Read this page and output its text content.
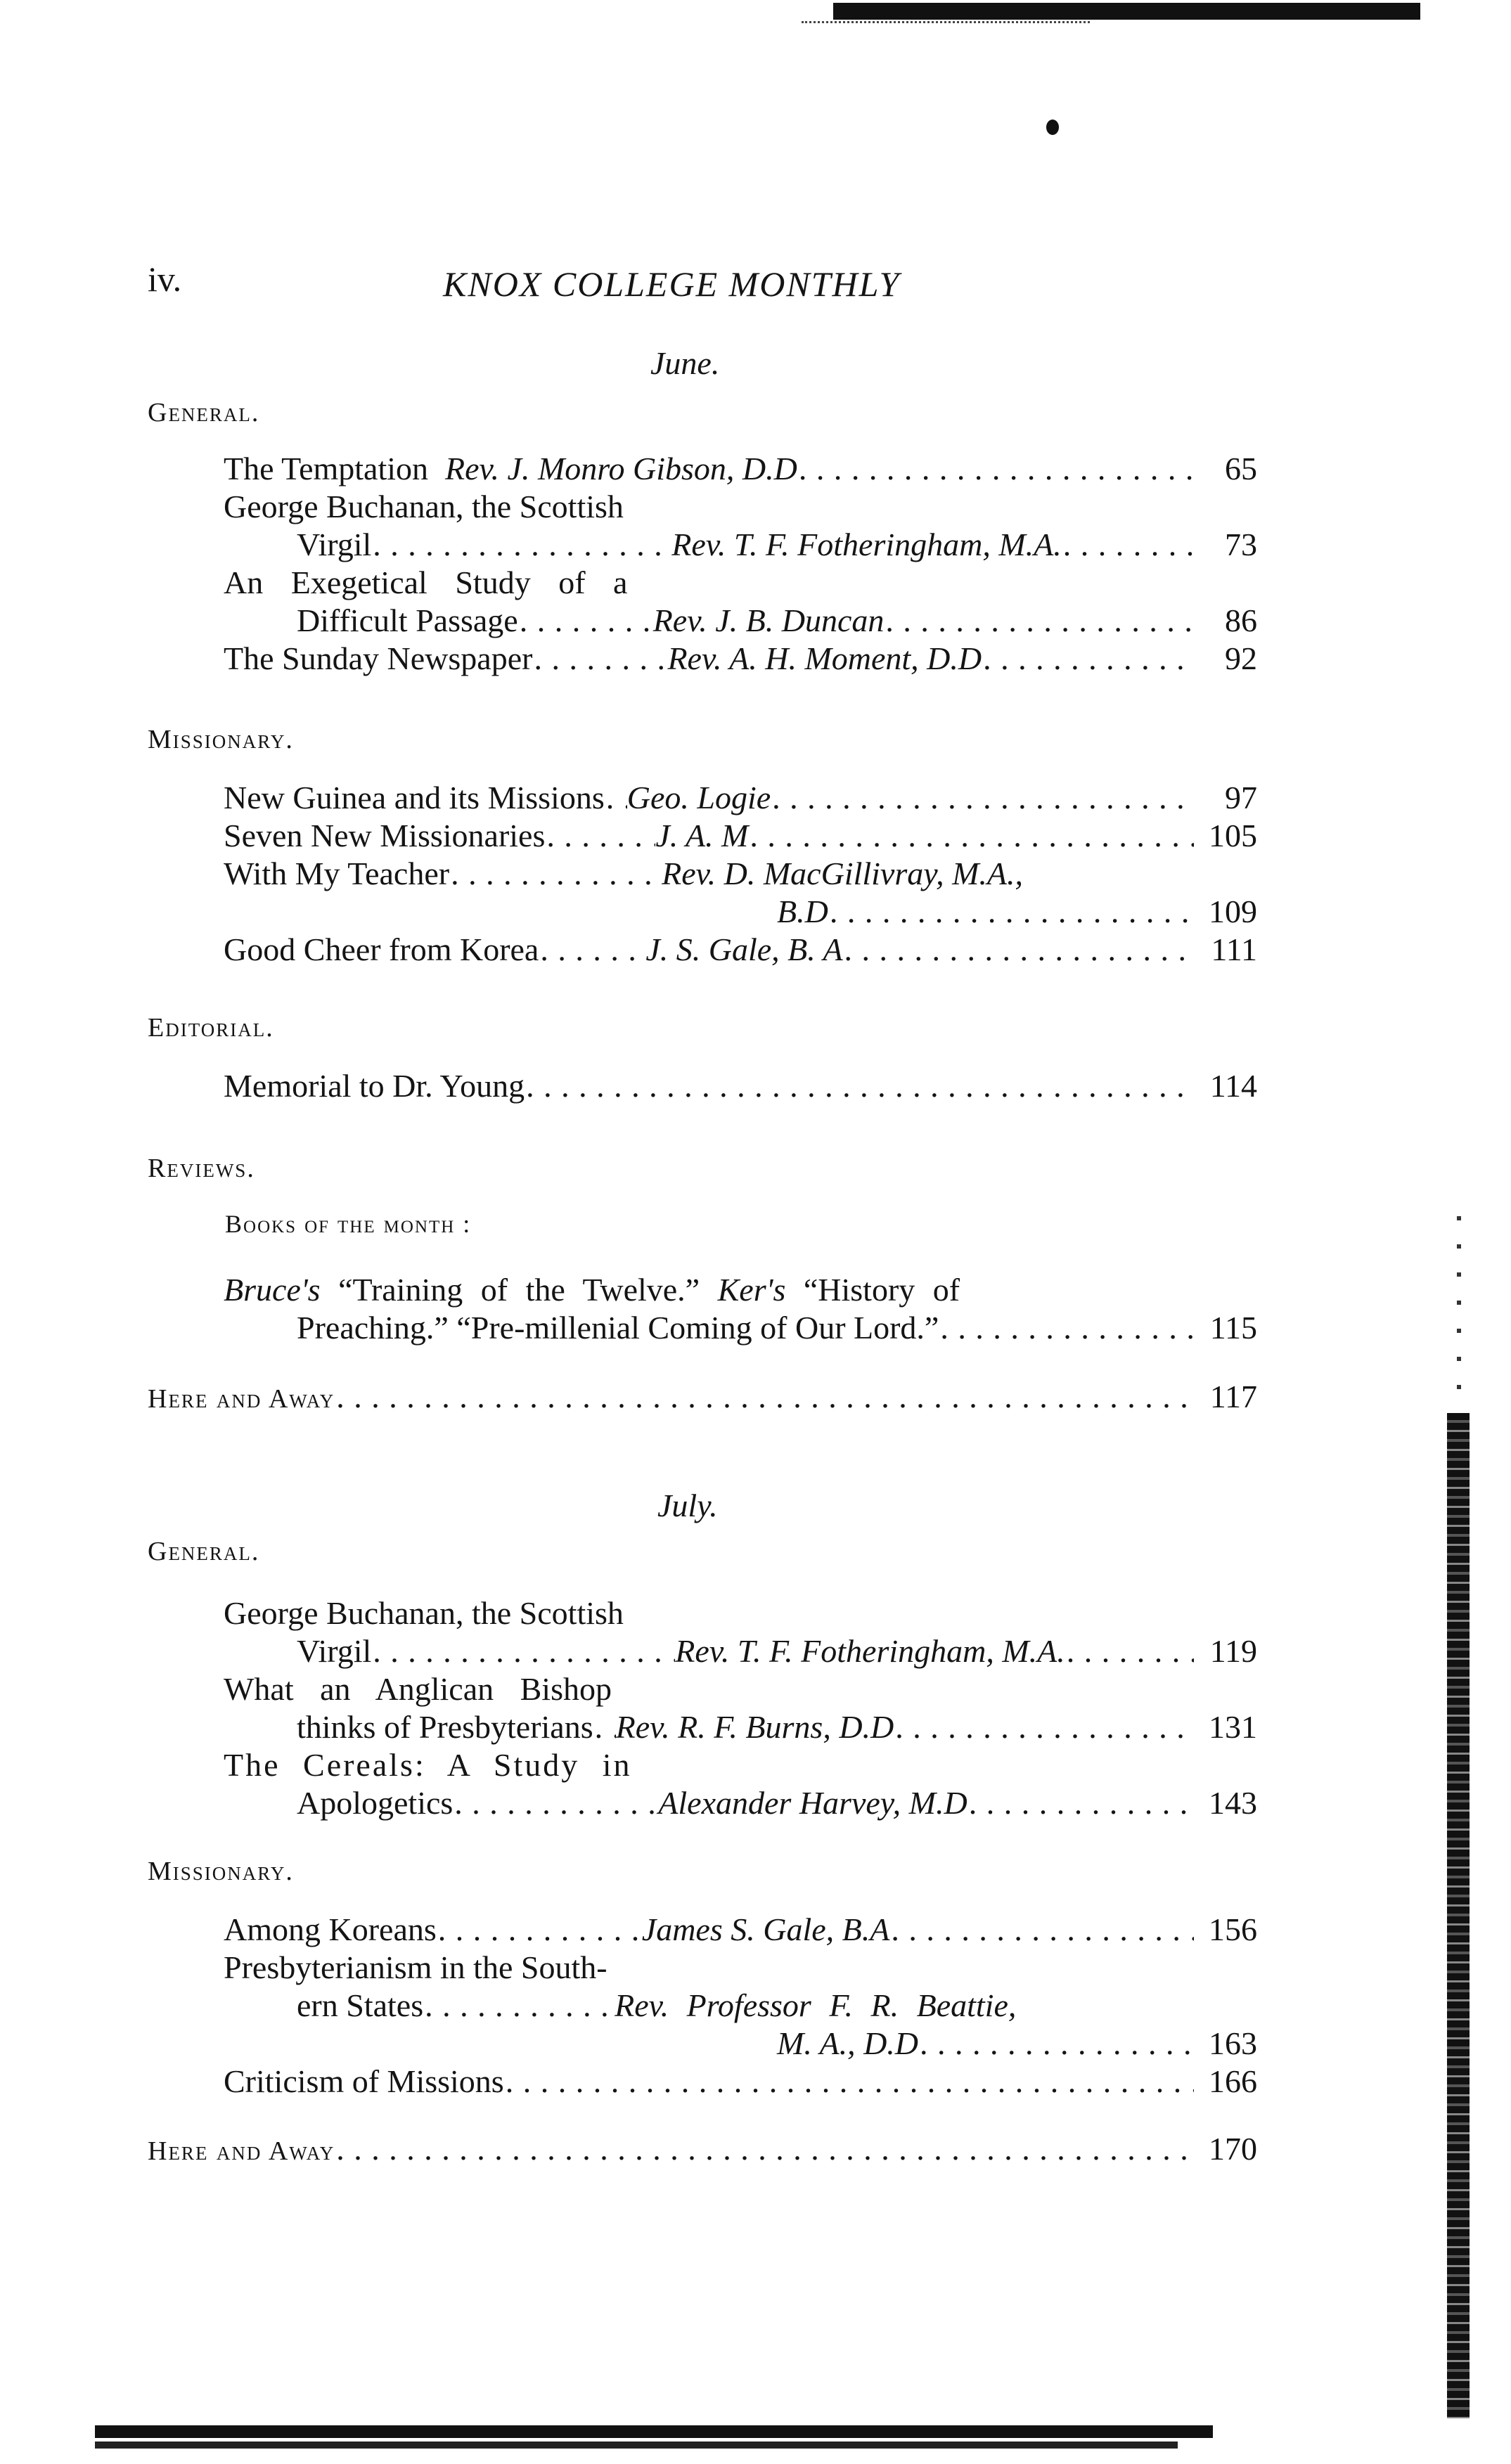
iv.	KNOX COLLEGE MONTHLY
June.
General.
The Temptation Rev. J. Monro Gibson, D.D . . .	65
George Buchanan, the Scottish
Virgil . . .	Rev. T. F. Fotheringham, M.A. . . .	73
An Exegetical Study of a
Difficult Passage . . .	Rev. J. B. Duncan . . .	86
The Sunday Newspaper . . .	Rev. A. H. Moment, D.D . . .	92
Missionary.
New Guinea and its Missions . . . Geo. Logie . . .	97
Seven New Missionaries . . .	J. A. M . . .	105
With My Teacher . . .	Rev. D. MacGillivray, M.A.,
B.D . . .	109
Good Cheer from Korea . . .	J. S. Gale, B. A . . .	111
Editorial.
Memorial to Dr. Young . . .	114
Reviews.
Books of the month :
Bruce's “Training of the Twelve.” Ker's “History of
Preaching.” “Pre-millenial Coming of Our Lord.” . . .	115
Here and Away . . .	117
July.
General.
George Buchanan, the Scottish
Virgil . . .	Rev. T. F. Fotheringham, M.A. . . .	119
What an Anglican Bishop
thinks of Presbyterians . . . Rev. R. F. Burns, D.D . . .	131
The Cereals: A Study in
Apologetics . . .	Alexander Harvey, M.D . . .	143
Missionary.
Among Koreans . . .	James S. Gale, B.A . . .	156
Presbyterianism in the South-
ern States . . .	Rev. Professor F. R. Beattie,
M. A., D.D . . .	163
Criticism of Missions . . .	166
Here and Away . . .	170
